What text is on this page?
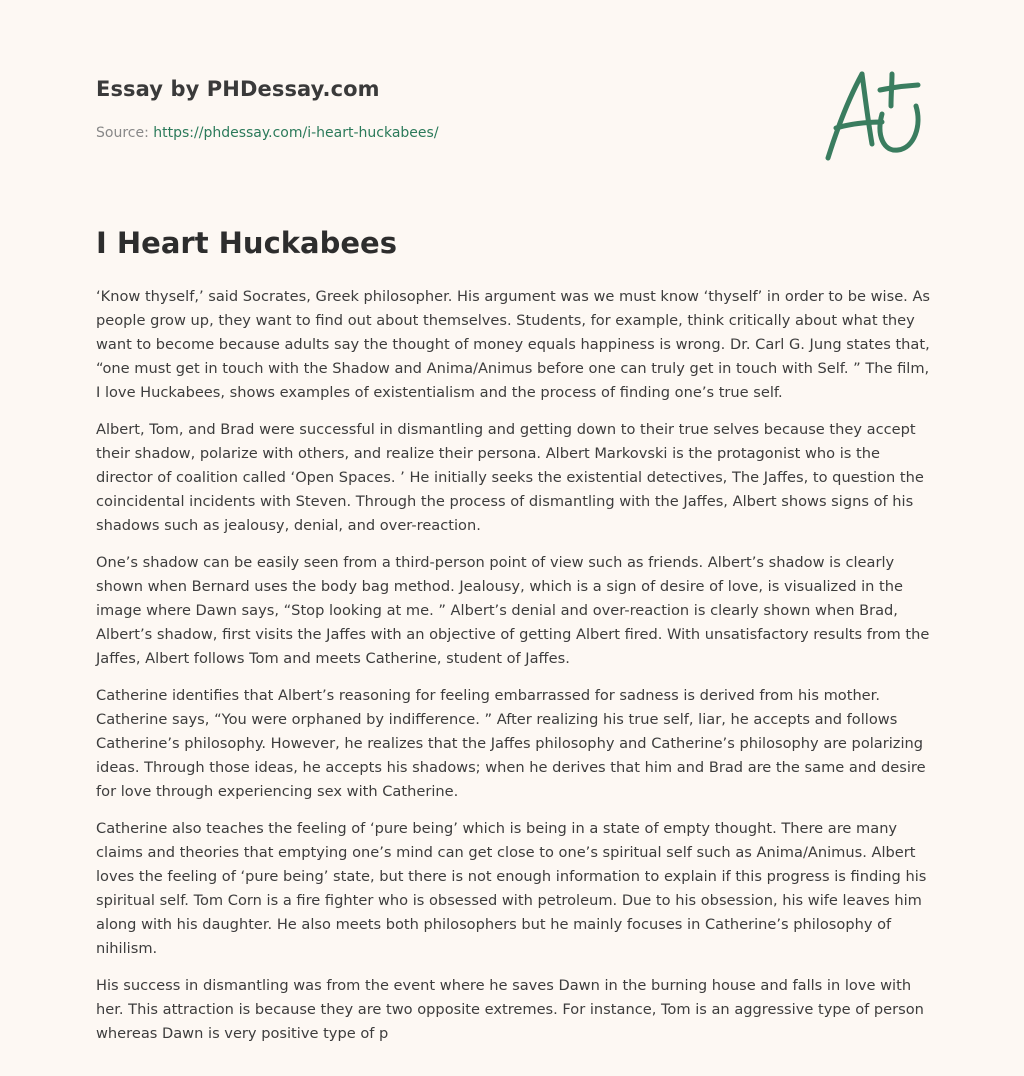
Essay by PHDessay.com
Source: https://phdessay.com/i-heart-huckabees/
I Heart Huckabees

‘Know thyself,’ said Socrates, Greek philosopher. His argument was we must know ‘thyself’ in order to be wise. As people grow up, they want to find out about themselves. Students, for example, think critically about what they want to become because adults say the thought of money equals happiness is wrong. Dr. Carl G. Jung states that, “one must get in touch with the Shadow and Anima/Animus before one can truly get in touch with Self. ” The film, I love Huckabees, shows examples of existentialism and the process of finding one’s true self.

Albert, Tom, and Brad were successful in dismantling and getting down to their true selves because they accept their shadow, polarize with others, and realize their persona. Albert Markovski is the protagonist who is the director of coalition called ‘Open Spaces. ’ He initially seeks the existential detectives, The Jaffes, to question the coincidental incidents with Steven. Through the process of dismantling with the Jaffes, Albert shows signs of his shadows such as jealousy, denial, and over-reaction.

One’s shadow can be easily seen from a third-person point of view such as friends. Albert’s shadow is clearly shown when Bernard uses the body bag method. Jealousy, which is a sign of desire of love, is visualized in the image where Dawn says, “Stop looking at me. ” Albert’s denial and over-reaction is clearly shown when Brad, Albert’s shadow, first visits the Jaffes with an objective of getting Albert fired. With unsatisfactory results from the Jaffes, Albert follows Tom and meets Catherine, student of Jaffes.

Catherine identifies that Albert’s reasoning for feeling embarrassed for sadness is derived from his mother. Catherine says, “You were orphaned by indifference. ” After realizing his true self, liar, he accepts and follows Catherine’s philosophy. However, he realizes that the Jaffes philosophy and Catherine’s philosophy are polarizing ideas. Through those ideas, he accepts his shadows; when he derives that him and Brad are the same and desire for love through experiencing sex with Catherine.

Catherine also teaches the feeling of ‘pure being’ which is being in a state of empty thought. There are many claims and theories that emptying one’s mind can get close to one’s spiritual self such as Anima/Animus. Albert loves the feeling of ‘pure being’ state, but there is not enough information to explain if this progress is finding his spiritual self. Tom Corn is a fire fighter who is obsessed with petroleum. Due to his obsession, his wife leaves him along with his daughter. He also meets both philosophers but he mainly focuses in Catherine’s philosophy of nihilism.

His success in dismantling was from the event where he saves Dawn in the burning house and falls in love with her. This attraction is because they are two opposite extremes. For instance, Tom is an aggressive type of person whereas Dawn is very positive type of p
